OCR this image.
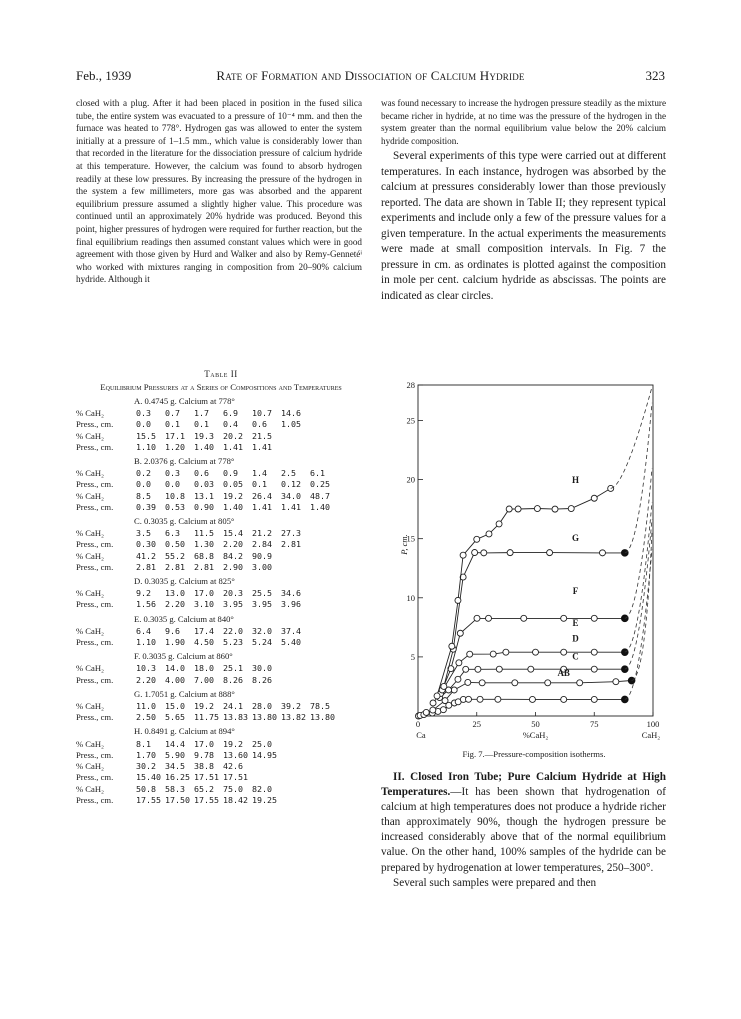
Feb., 1939	Rate of Formation and Dissociation of Calcium Hydride	323

closed with a plug. After it had been placed in position in the fused silica tube, the entire system was evacuated to a pressure of 10⁻⁴ mm. and then the furnace was heated to 778°. Hydrogen gas was allowed to enter the system initially at a pressure of 1–1.5 mm., which value is considerably lower than that recorded in the literature for the dissociation pressure of calcium hydride at this temperature. However, the calcium was found to absorb hydrogen readily at these low pressures. By increasing the pressure of the hydrogen in the system a few millimeters, more gas was absorbed and the apparent equilibrium pressure assumed a slightly higher value. This procedure was continued until an approximately 20% hydride was produced. Beyond this point, higher pressures of hydrogen were required for further reaction, but the final equilibrium readings then assumed constant values which were in good agreement with those given by Hurd and Walker and also by Remy-Gennetéⁱ who worked with mixtures ranging in composition from 20–90% calcium hydride. Although it

Table II
Equilibrium Pressures at a Series of Compositions and Temperatures
A. 0.4745 g. Calcium at 778°
% CaH₂	0.3	0.7	1.7	6.9	10.7	14.6
Press., cm.	0.0	0.1	0.1	0.4	0.6	1.05
% CaH₂	15.5	17.1	19.3	20.2	21.5
Press., cm.	1.10	1.20	1.40	1.41	1.41
B. 2.0376 g. Calcium at 778°
% CaH₂	0.2	0.3	0.6	0.9	1.4	2.5	6.1
Press., cm.	0.0	0.0	0.03	0.05	0.1	0.12	0.25
% CaH₂	8.5	10.8	13.1	19.2	26.4	34.0	48.7
Press., cm.	0.39	0.53	0.90	1.40	1.41	1.41	1.40
C. 0.3035 g. Calcium at 805°
% CaH₂	3.5	6.3	11.5	15.4	21.2	27.3
Press., cm.	0.30	0.50	1.30	2.20	2.84	2.81
% CaH₂	41.2	55.2	68.8	84.2	90.9
Press., cm.	2.81	2.81	2.81	2.90	3.00
D. 0.3035 g. Calcium at 825°
% CaH₂	9.2	13.0	17.0	20.3	25.5	34.6
Press., cm.	1.56	2.20	3.10	3.95	3.95	3.96
E. 0.3035 g. Calcium at 840°
% CaH₂	6.4	9.6	17.4	22.0	32.0	37.4
Press., cm.	1.10	1.90	4.50	5.23	5.24	5.40
F. 0.3035 g. Calcium at 860°
% CaH₂	10.3	14.0	18.0	25.1	30.0
Press., cm.	2.20	4.00	7.00	8.26	8.26
G. 1.7051 g. Calcium at 888°
% CaH₂	11.0	15.0	19.2	24.1	28.0	39.2	78.5
Press., cm.	2.50	5.65	11.75 13.83 13.80 13.82 13.80
H. 0.8491 g. Calcium at 894°
% CaH₂	8.1	14.4	17.0	19.2	25.0
Press., cm.	1.70	5.90	9.78	13.60 14.95
% CaH₂	30.2	34.5	38.8	42.6
Press., cm.	15.40 16.25 17.51 17.51
% CaH₂	50.8	58.3	65.2	75.0	82.0
Press., cm.	17.55 17.50 17.55 18.42 19.25

was found necessary to increase the hydrogen pressure steadily as the mixture became richer in hydride, at no time was the pressure of the hydrogen in the system greater than the normal equilibrium value below the 20% calcium hydride composition.

Several experiments of this type were carried out at different temperatures. In each instance, hydrogen was absorbed by the calcium at pressures considerably lower than those previously reported. The data are shown in Table II; they represent typical experiments and include only a few of the pressure values for a given temperature. In the actual experiments the measurements were made at small composition intervals. In Fig. 7 the pressure in cm. as ordinates is plotted against the composition in mole per cent. calcium hydride as abscissas. The points are indicated as clear circles.

5
10
15
20
25
28
0	25	50	75	100
Ca	%CaH₂	CaH₂
P, cm.
AB
C
D
E
F
G
H
Fig. 7.—Pressure-composition isotherms.

II. Closed Iron Tube; Pure Calcium Hydride at High Temperatures.—It has been shown that hydrogenation of calcium at high temperatures does not produce a hydride richer than approximately 90%, though the hydrogen pressure be increased considerably above that of the normal equilibrium value. On the other hand, 100% samples of the hydride can be prepared by hydrogenation at lower temperatures, 250–300°.

Several such samples were prepared and then
